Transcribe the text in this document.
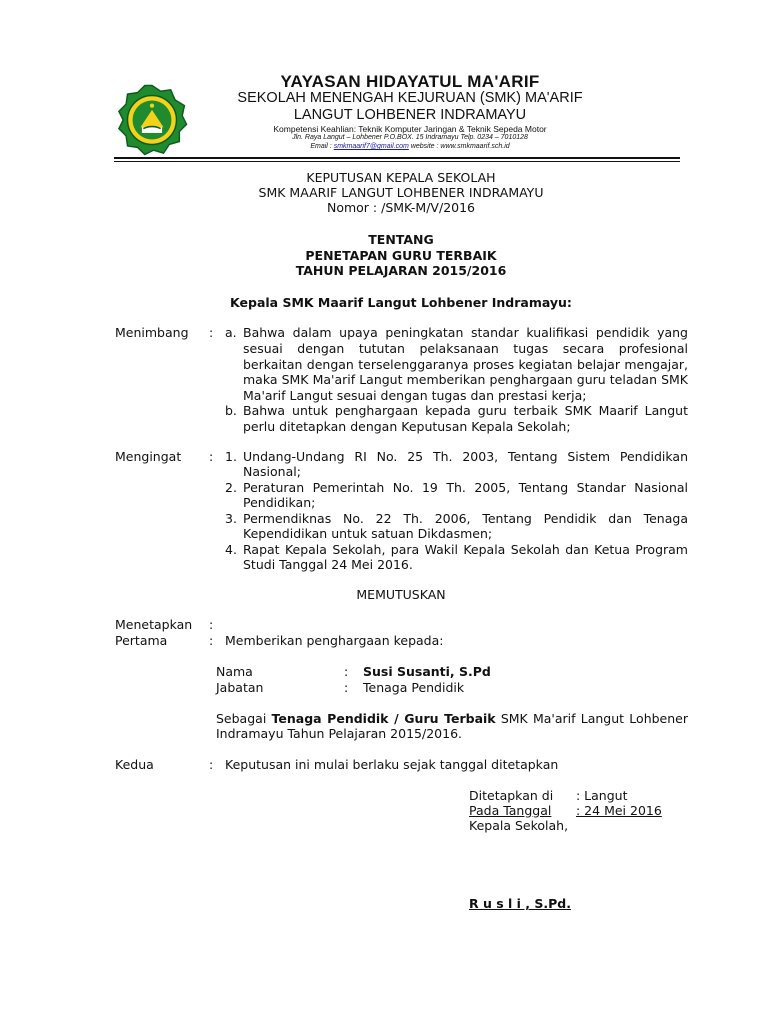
YAYASAN HIDAYATUL MA'ARIF
SEKOLAH MENENGAH KEJURUAN (SMK) MA'ARIF
LANGUT LOHBENER INDRAMAYU
Kompetensi Keahlian: Teknik Komputer Jaringan & Teknik Sepeda Motor
Jln. Raya Langut – Lohbener P.O.BOX. 15 Indramayu Telp. 0234 – 7010128
Email : smkmaarif7@gmail.com website : www.smkmaarif.sch.id
KEPUTUSAN KEPALA SEKOLAH
SMK MAARIF LANGUT LOHBENER INDRAMAYU
Nomor : /SMK-M/V/2016
TENTANG
PENETAPAN GURU TERBAIK
TAHUN PELAJARAN 2015/2016
Kepala SMK Maarif Langut Lohbener Indramayu:
Menimbang : a. Bahwa dalam upaya peningkatan standar kualifikasi pendidik yang
sesuai dengan tututan pelaksanaan tugas secara profesional
berkaitan dengan terselenggaranya proses kegiatan belajar mengajar,
maka SMK Ma'arif Langut memberikan penghargaan guru teladan SMK
Ma'arif Langut sesuai dengan tugas dan prestasi kerja;
b. Bahwa untuk penghargaan kepada guru terbaik SMK Maarif Langut
perlu ditetapkan dengan Keputusan Kepala Sekolah;
Mengingat : 1. Undang-Undang RI No. 25 Th. 2003, Tentang Sistem Pendidikan
Nasional;
2. Peraturan Pemerintah No. 19 Th. 2005, Tentang Standar Nasional
Pendidikan;
3. Permendiknas No. 22 Th. 2006, Tentang Pendidik dan Tenaga
Kependidikan untuk satuan Dikdasmen;
4. Rapat Kepala Sekolah, para Wakil Kepala Sekolah dan Ketua Program
Studi Tanggal 24 Mei 2016.
MEMUTUSKAN
Menetapkan :
Pertama	: Memberikan penghargaan kepada:
Nama	: Susi Susanti, S.Pd
Jabatan	: Tenaga Pendidik
Sebagai Tenaga Pendidik / Guru Terbaik SMK Ma'arif Langut Lohbener
Indramayu Tahun Pelajaran 2015/2016.
Kedua	: Keputusan ini mulai berlaku sejak tanggal ditetapkan
Ditetapkan di : Langut
Pada Tanggal	: 24 Mei 2016
Kepala Sekolah,
R u s l i , S.Pd.
